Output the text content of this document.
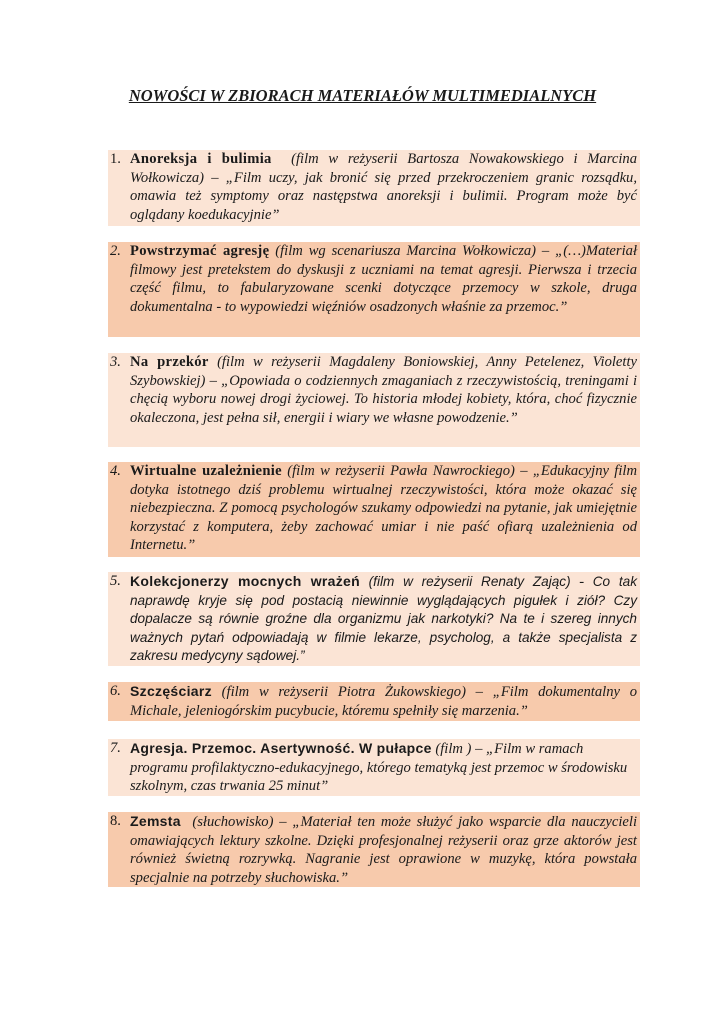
NOWOŚCI W ZBIORACH MATERIAŁÓW MULTIMEDIALNYCH
1. Anoreksja i bulimia (film w reżyserii Bartosza Nowakowskiego i Marcina Wołkowicza) – „Film uczy, jak bronić się przed przekroczeniem granic rozsądku, omawia też symptomy oraz następstwa anoreksji i bulimii. Program może być oglądany koedukacyjnie”
2. Powstrzymać agresję (film wg scenariusza Marcina Wołkowicza) – „(…)Materiał filmowy jest pretekstem do dyskusji z uczniami na temat agresji. Pierwsza i trzecia część filmu, to fabularyzowane scenki dotyczące przemocy w szkole, druga dokumentalna - to wypowiedzi więźniów osadzonych właśnie za przemoc.”
3. Na przekór (film w reżyserii Magdaleny Boniowskiej, Anny Petelenez, Violetty Szybowskiej) – „Opowiada o codziennych zmaganiach z rzeczywistością, treningami i chęcią wyboru nowej drogi życiowej. To historia młodej kobiety, która, choć fizycznie okaleczona, jest pełna sił, energii i wiary we własne powodzenie.”
4. Wirtualne uzależnienie (film w reżyserii Pawła Nawrockiego) – „Edukacyjny film dotyka istotnego dziś problemu wirtualnej rzeczywistości, która może okazać się niebezpieczna. Z pomocą psychologów szukamy odpowiedzi na pytanie, jak umiejętnie korzystać z komputera, żeby zachować umiar i nie paść ofiarą uzależnienia od Internetu.”
5. Kolekcjonerzy mocnych wrażeń (film w reżyserii Renaty Zając) - Co tak naprawdę kryje się pod postacią niewinnie wyglądających pigułek i ziół? Czy dopalacze są równie groźne dla organizmu jak narkotyki? Na te i szereg innych ważnych pytań odpowiadają w filmie lekarze, psycholog, a także specjalista z zakresu medycyny sądowej.”
6. Szczęściarz (film w reżyserii Piotra Żukowskiego) – „Film dokumentalny o Michale, jeleniogórskim pucybucie, któremu spełniły się marzenia.”
7. Agresja. Przemoc. Asertywność. W pułapce (film ) – „Film w ramach programu profilaktyczno-edukacyjnego, którego tematyką jest przemoc w środowisku szkolnym, czas trwania 25 minut”
8. Zemsta (słuchowisko) – „Materiał ten może służyć jako wsparcie dla nauczycieli omawiających lektury szkolne. Dzięki profesjonalnej reżyserii oraz grze aktorów jest również świetną rozrywką. Nagranie jest oprawione w muzykę, która powstała specjalnie na potrzeby słuchowiska.”
